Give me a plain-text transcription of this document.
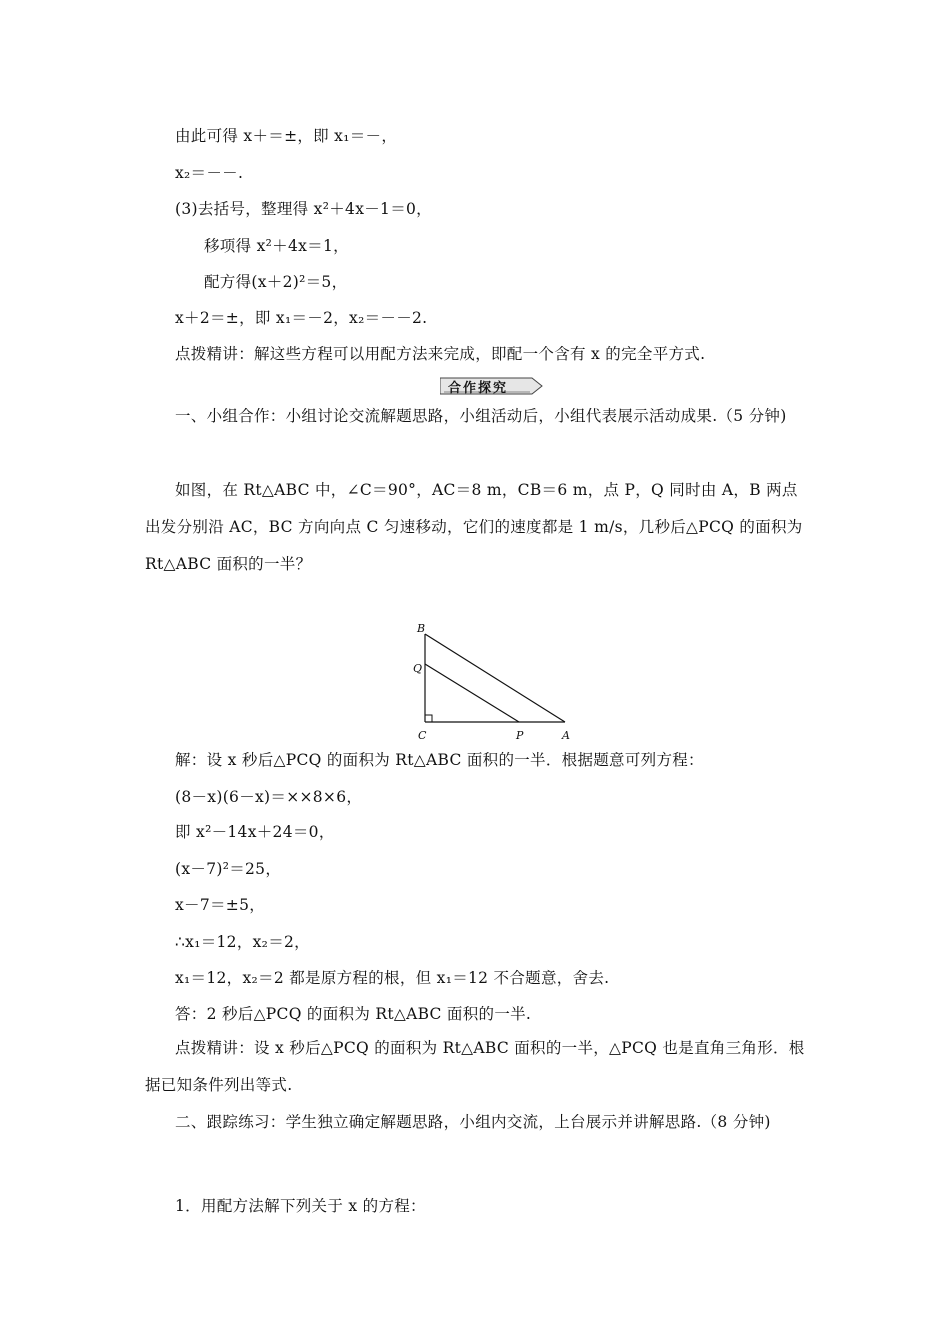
由此可得 x＋＝±，即 x₁＝－，
x₂＝－－.
(3)去括号，整理得 x²＋4x－1＝0，
移项得 x²＋4x＝1，
配方得(x＋2)²＝5，
x＋2＝±，即 x₁＝－2，x₂＝－－2.
点拨精讲：解这些方程可以用配方法来完成，即配一个含有 x 的完全平方式.
合作探究
一、小组合作：小组讨论交流解题思路，小组活动后，小组代表展示活动成果.（5 分钟)
如图，在 Rt△ABC 中，∠C＝90°，AC＝8 m，CB＝6 m，点 P，Q 同时由 A，B 两点出发分别沿 AC，BC 方向向点 C 匀速移动，它们的速度都是 1 m/s，几秒后△PCQ 的面积为 Rt△ABC 面积的一半？
B
Q
C	P	A
解：设 x 秒后△PCQ 的面积为 Rt△ABC 面积的一半．根据题意可列方程：
(8－x)(6－x)＝××8×6，
即 x²－14x＋24＝0，
(x－7)²＝25，
x－7＝±5，
∴x₁＝12，x₂＝2，
x₁＝12，x₂＝2 都是原方程的根，但 x₁＝12 不合题意，舍去.
答：2 秒后△PCQ 的面积为 Rt△ABC 面积的一半.
点拨精讲：设 x 秒后△PCQ 的面积为 Rt△ABC 面积的一半，△PCQ 也是直角三角形．根据已知条件列出等式.
二、跟踪练习：学生独立确定解题思路，小组内交流，上台展示并讲解思路.（8 分钟)
1．用配方法解下列关于 x 的方程：
